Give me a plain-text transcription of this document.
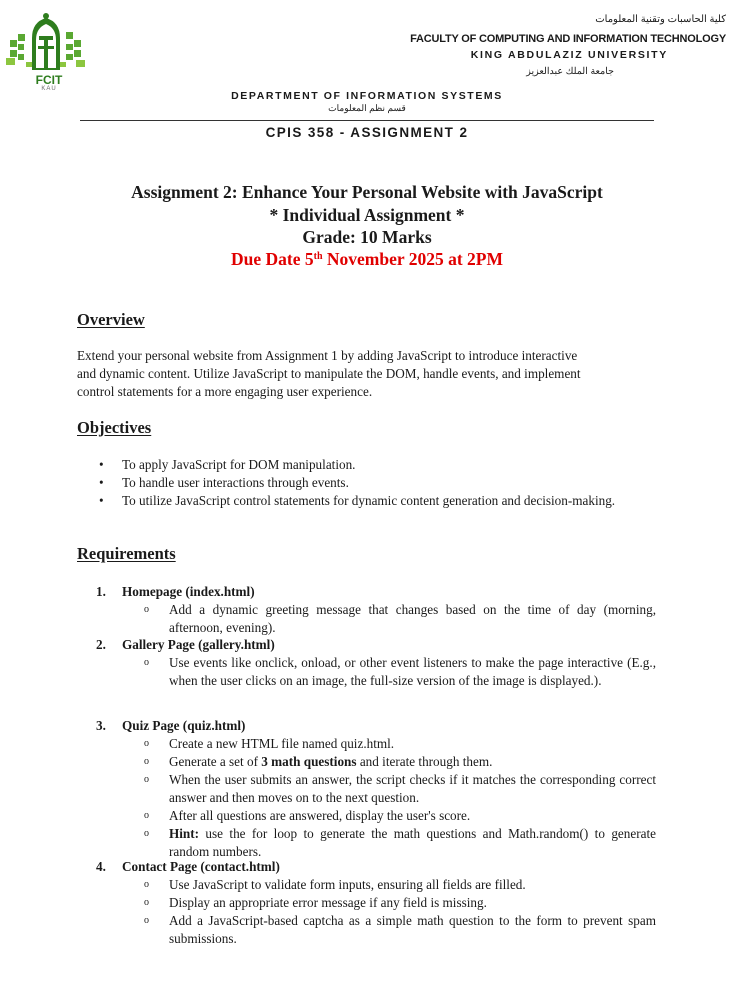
FCIT
KAU
كلية الحاسبات وتقنية المعلومات
FACULTY OF COMPUTING AND INFORMATION TECHNOLOGY
KING ABDULAZIZ UNIVERSITY
جامعة الملك عبدالعزيز
DEPARTMENT OF INFORMATION SYSTEMS
قسم نظم المعلومات
CPIS 358 - ASSIGNMENT 2
Assignment 2: Enhance Your Personal Website with JavaScript
* Individual Assignment *
Grade: 10 Marks
Due Date 5th November 2025 at 2PM
Overview
Extend your personal website from Assignment 1 by adding JavaScript to introduce interactive
and dynamic content. Utilize JavaScript to manipulate the DOM, handle events, and implement
control statements for a more engaging user experience.
Objectives
• To apply JavaScript for DOM manipulation.
• To handle user interactions through events.
• To utilize JavaScript control statements for dynamic content generation and decision-making.
Requirements
1. Homepage (index.html)
o Add a dynamic greeting message that changes based on the time of day (morning, afternoon, evening).
2. Gallery Page (gallery.html)
o Use events like onclick, onload, or other event listeners to make the page interactive (E.g., when the user clicks on an image, the full-size version of the image is displayed.).
3. Quiz Page (quiz.html)
o Create a new HTML file named quiz.html.
o Generate a set of 3 math questions and iterate through them.
o When the user submits an answer, the script checks if it matches the corresponding correct answer and then moves on to the next question.
o After all questions are answered, display the user's score.
o Hint: use the for loop to generate the math questions and Math.random() to generate random numbers.
4. Contact Page (contact.html)
o Use JavaScript to validate form inputs, ensuring all fields are filled.
o Display an appropriate error message if any field is missing.
o Add a JavaScript-based captcha as a simple math question to the form to prevent spam submissions.
